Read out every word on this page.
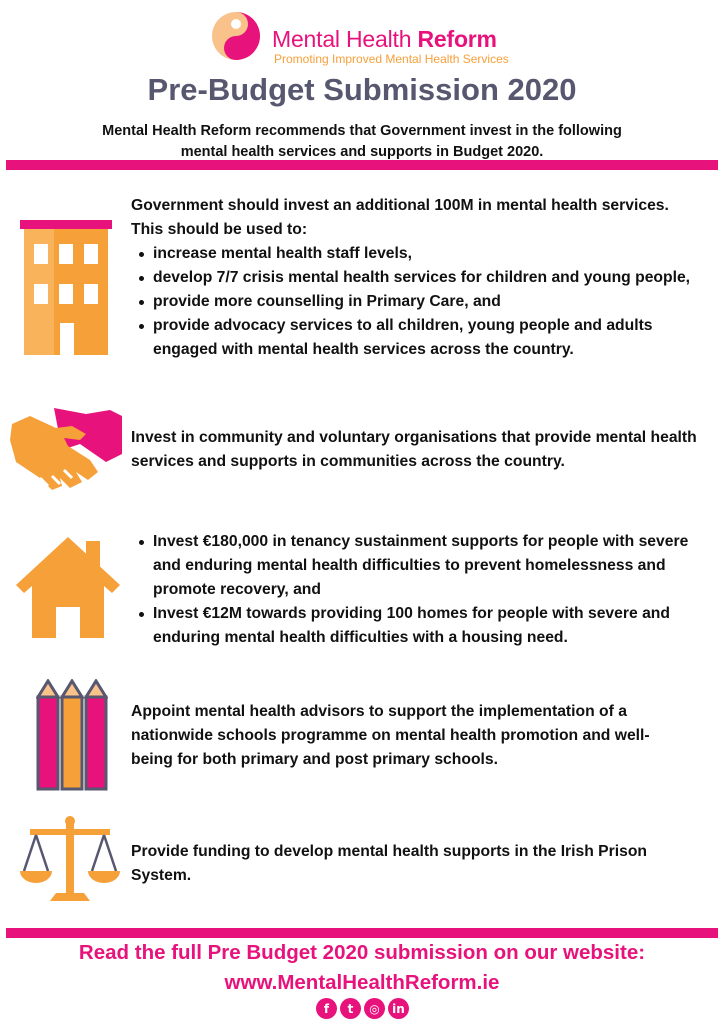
Mental Health Reform
Promoting Improved Mental Health Services
Pre-Budget Submission 2020
Mental Health Reform recommends that Government invest in the following
mental health services and supports in Budget 2020.

Government should invest an additional 100M in mental health services. This should be used to:

increase mental health staff levels,
develop 7/7 crisis mental health services for children and young people,
provide more counselling in Primary Care, and
provide advocacy services to all children, young people and adults engaged with mental health services across the country.

Invest in community and voluntary organisations that provide mental health services and supports in communities across the country.

Invest €180,000 in tenancy sustainment supports for people with severe and enduring mental health difficulties to prevent homelessness and promote recovery, and
Invest €12M towards providing 100 homes for people with severe and enduring mental health difficulties with a housing need.

Appoint mental health advisors to support the implementation of a nationwide schools programme on mental health promotion and well-being for both primary and post primary schools.

Provide funding to develop mental health supports in the Irish Prison System.

Read the full Pre Budget 2020 submission on our website:
www.MentalHealthReform.ie
f	t	◎	in
